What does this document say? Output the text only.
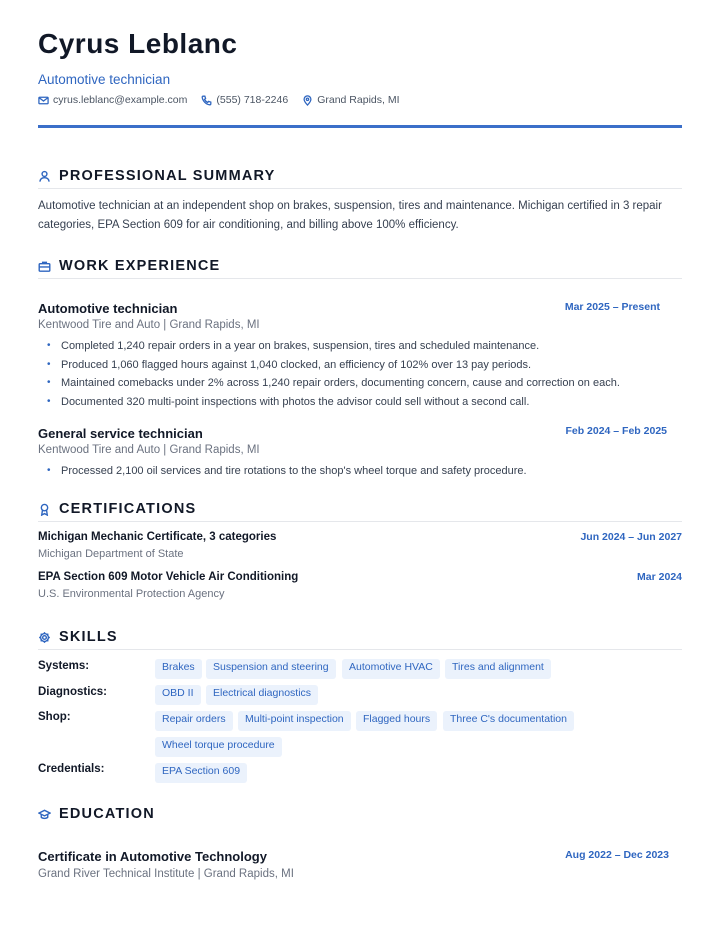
Cyrus Leblanc
Automotive technician
cyrus.leblanc@example.com	(555) 718-2246	Grand Rapids, MI
PROFESSIONAL SUMMARY
Automotive technician at an independent shop on brakes, suspension, tires and maintenance. Michigan certified in 3 repair categories, EPA Section 609 for air conditioning, and billing above 100% efficiency.
WORK EXPERIENCE
Automotive technician	Mar 2025 – Present
Kentwood Tire and Auto | Grand Rapids, MI
• Completed 1,240 repair orders in a year on brakes, suspension, tires and scheduled maintenance.
• Produced 1,060 flagged hours against 1,040 clocked, an efficiency of 102% over 13 pay periods.
• Maintained comebacks under 2% across 1,240 repair orders, documenting concern, cause and correction on each.
• Documented 320 multi-point inspections with photos the advisor could sell without a second call.
General service technician	Feb 2024 – Feb 2025
Kentwood Tire and Auto | Grand Rapids, MI
• Processed 2,100 oil services and tire rotations to the shop's wheel torque and safety procedure.
CERTIFICATIONS
Michigan Mechanic Certificate, 3 categories	Jun 2024 – Jun 2027
Michigan Department of State
EPA Section 609 Motor Vehicle Air Conditioning	Mar 2024
U.S. Environmental Protection Agency
SKILLS
Systems:	Brakes	Suspension and steering	Automotive HVAC	Tires and alignment
Diagnostics:	OBD II	Electrical diagnostics
Shop:	Repair orders	Multi-point inspection	Flagged hours	Three C's documentation
Wheel torque procedure
Credentials:	EPA Section 609
EDUCATION
Certificate in Automotive Technology	Aug 2022 – Dec 2023
Grand River Technical Institute | Grand Rapids, MI
